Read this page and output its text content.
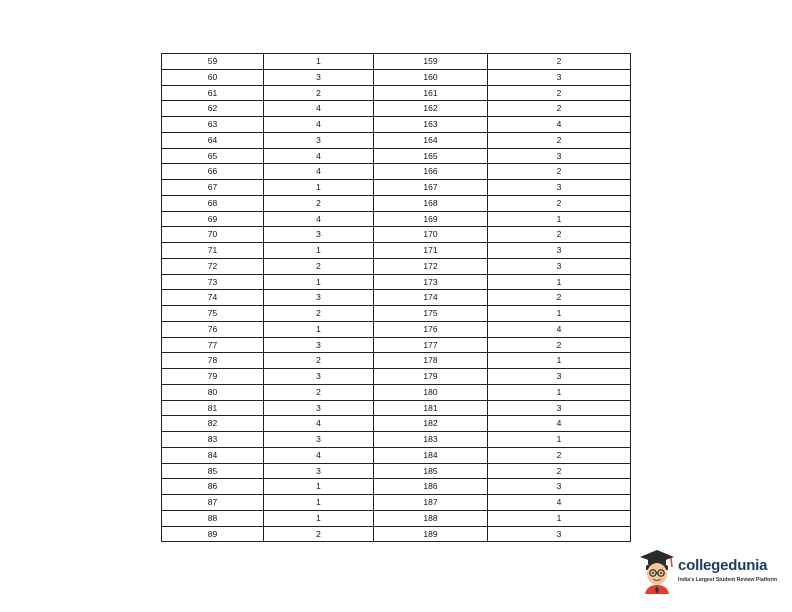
59	1	159	2
60	3	160	3
61	2	161	2
62	4	162	2
63	4	163	4
64	3	164	2
65	4	165	3
66	4	166	2
67	1	167	3
68	2	168	2
69	4	169	1
70	3	170	2
71	1	171	3
72	2	172	3
73	1	173	1
74	3	174	2
75	2	175	1
76	1	176	4
77	3	177	2
78	2	178	1
79	3	179	3
80	2	180	1
81	3	181	3
82	4	182	4
83	3	183	1
84	4	184	2
85	3	185	2
86	1	186	3
87	1	187	4
88	1	188	1
89	2	189	3
collegedunia
India's Largest Student Review Platform
